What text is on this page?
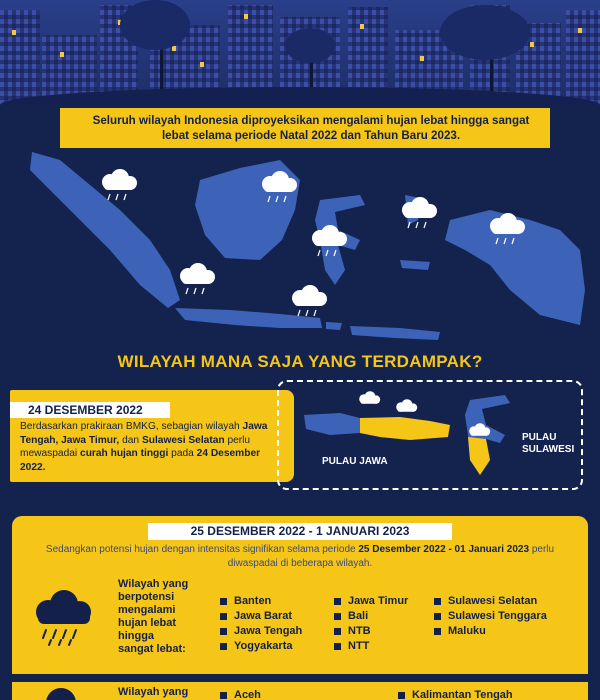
Seluruh wilayah Indonesia diproyeksikan mengalami hujan lebat hingga sangat lebat selama periode Natal 2022 dan Tahun Baru 2023.
WILAYAH MANA SAJA YANG TERDAMPAK?
24 DESEMBER 2022
Berdasarkan prakiraan BMKG, sebagian wilayah Jawa Tengah, Jawa Timur, dan Sulawesi Selatan perlu mewaspadai curah hujan tinggi pada 24 Desember 2022.	PULAU JAWA
PULAU
SULAWESI
25 DESEMBER 2022 - 1 JANUARI 2023
Sedangkan potensi hujan dengan intensitas signifikan selama periode 25 Desember 2022 - 01 Januari 2023 perlu diwaspadai di beberapa wilayah.
Wilayah yang
berpotensi
mengalami
hujan lebat
hingga
sangat lebat:
Banten
Jawa Barat
Jawa Tengah
Yogyakarta
Jawa Timur
Bali
NTB
NTT
Sulawesi Selatan
Sulawesi Tenggara
Maluku
Wilayah yang	Aceh	Kalimantan Tengah
